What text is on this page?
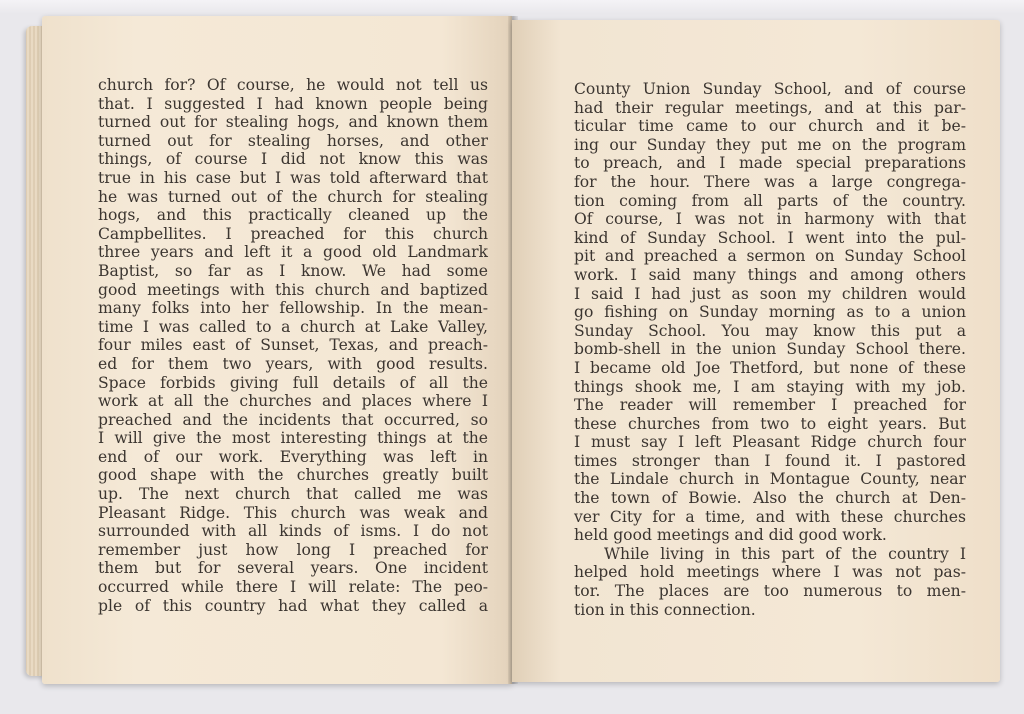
church for? Of course, he would not tell us
that. I suggested I had known people being
turned out for stealing hogs, and known them
turned out for stealing horses, and other
things, of course I did not know this was
true in his case but I was told afterward that
he was turned out of the church for stealing
hogs, and this practically cleaned up the
Campbellites. I preached for this church
three years and left it a good old Landmark
Baptist, so far as I know. We had some
good meetings with this church and baptized
many folks into her fellowship. In the mean-
time I was called to a church at Lake Valley,
four miles east of Sunset, Texas, and preach-
ed for them two years, with good results.
Space forbids giving full details of all the
work at all the churches and places where I
preached and the incidents that occurred, so
I will give the most interesting things at the
end of our work. Everything was left in
good shape with the churches greatly built
up. The next church that called me was
Pleasant Ridge. This church was weak and
surrounded with all kinds of isms. I do not
remember just how long I preached for
them but for several years. One incident
occurred while there I will relate: The peo-
ple of this country had what they called a
County Union Sunday School, and of course
had their regular meetings, and at this par-
ticular time came to our church and it be-
ing our Sunday they put me on the program
to preach, and I made special preparations
for the hour. There was a large congrega-
tion coming from all parts of the country.
Of course, I was not in harmony with that
kind of Sunday School. I went into the pul-
pit and preached a sermon on Sunday School
work. I said many things and among others
I said I had just as soon my children would
go fishing on Sunday morning as to a union
Sunday School. You may know this put a
bomb-shell in the union Sunday School there.
I became old Joe Thetford, but none of these
things shook me, I am staying with my job.
The reader will remember I preached for
these churches from two to eight years. But
I must say I left Pleasant Ridge church four
times stronger than I found it. I pastored
the Lindale church in Montague County, near
the town of Bowie. Also the church at Den-
ver City for a time, and with these churches
held good meetings and did good work.
While living in this part of the country I
helped hold meetings where I was not pas-
tor. The places are too numerous to men-
tion in this connection.
